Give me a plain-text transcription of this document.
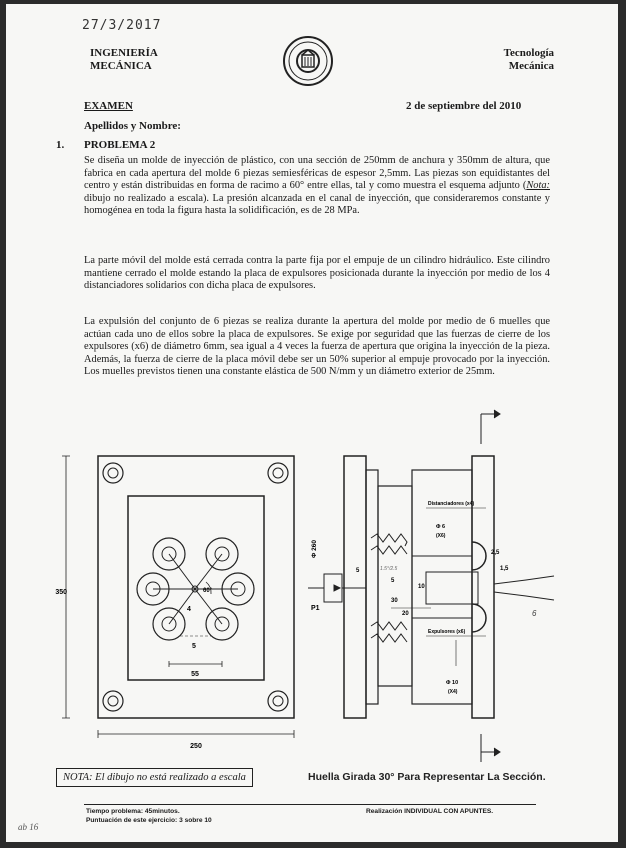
27/3/2017
INGENIERÍA
MECÁNICA
Tecnología
Mecánica
EXAMEN	2 de septiembre del 2010
Apellidos y Nombre:
1. PROBLEMA 2
Se diseña un molde de inyección de plástico, con una sección de 250mm de anchura y 350mm de altura, que fabrica en cada apertura del molde 6 piezas semiesféricas de espesor 2,5mm. Las piezas son equidistantes del centro y están distribuidas en forma de racimo a 60° entre ellas, tal y como muestra el esquema adjunto (Nota: dibujo no realizado a escala). La presión alcanzada en el canal de inyección, que consideraremos constante y homogénea en toda la figura hasta la solidificación, es de 28 MPa.
La parte móvil del molde está cerrada contra la parte fija por el empuje de un cilindro hidráulico. Este cilindro mantiene cerrado el molde estando la placa de expulsores posicionada durante la inyección por medio de los 4 distanciadores solidarios con dicha placa de expulsores.
La expulsión del conjunto de 6 piezas se realiza durante la apertura del molde por medio de 6 muelles que actúan cada uno de ellos sobre la placa de expulsores. Se exige por seguridad que las fuerzas de cierre de los expulsores (x6) de diámetro 6mm, sea igual a 4 veces la fuerza de apertura que origina la inyección de la pieza. Además, la fuerza de cierre de la placa móvil debe ser un 50% superior al empuje provocado por la inyección. Los muelles previstos tienen una constante elástica de 500 N/mm y un diámetro exterior de 25mm.
350
250
55
5
4
60°
Φ 260
P1
Distanciadores (x4)
Expulsores (x6)
Φ 6
(X6)
2,5
1,5
5
5
10
30
20
Φ 10
(X4)
1.5°/2.5
6
NOTA: El dibujo no está realizado a escala	Huella Girada 30° Para Representar La Sección.
Tiempo problema: 45minutos.
Puntuación de este ejercicio: 3 sobre 10
Realización INDIVIDUAL CON APUNTES.
ab 16
